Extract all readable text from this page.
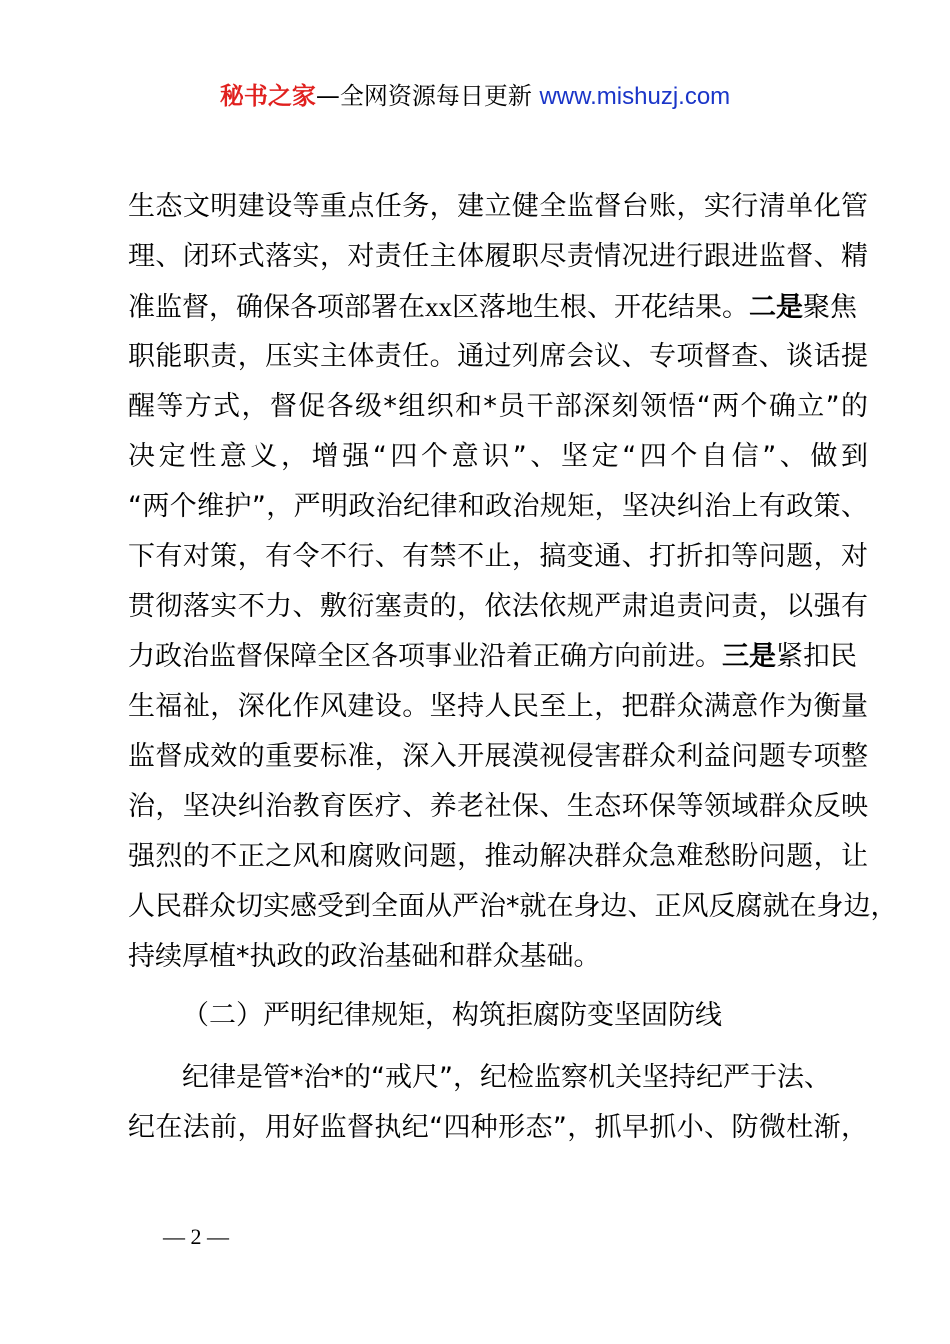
秘书之家—全网资源每日更新 www.mishuzj.com
生态文明建设等重点任务，建立健全监督台账，实行清单化管
理、闭环式落实，对责任主体履职尽责情况进行跟进监督、精
准监督，确保各项部署在xx区落地生根、开花结果。二是聚焦
职能职责，压实主体责任。通过列席会议、专项督查、谈话提
醒等方式，督促各级*组织和*员干部深刻领悟“两个确立”的
决定性意义，增强“四个意识”、坚定“四个自信”、做到
“两个维护”，严明政治纪律和政治规矩，坚决纠治上有政策、
下有对策，有令不行、有禁不止，搞变通、打折扣等问题，对
贯彻落实不力、敷衍塞责的，依法依规严肃追责问责，以强有
力政治监督保障全区各项事业沿着正确方向前进。三是紧扣民
生福祉，深化作风建设。坚持人民至上，把群众满意作为衡量
监督成效的重要标准，深入开展漠视侵害群众利益问题专项整
治，坚决纠治教育医疗、养老社保、生态环保等领域群众反映
强烈的不正之风和腐败问题，推动解决群众急难愁盼问题，让
人民群众切实感受到全面从严治*就在身边、正风反腐就在身边，
持续厚植*执政的政治基础和群众基础。
（二）严明纪律规矩，构筑拒腐防变坚固防线
纪律是管*治*的“戒尺”，纪检监察机关坚持纪严于法、
纪在法前，用好监督执纪“四种形态”，抓早抓小、防微杜渐，
— 2 —
